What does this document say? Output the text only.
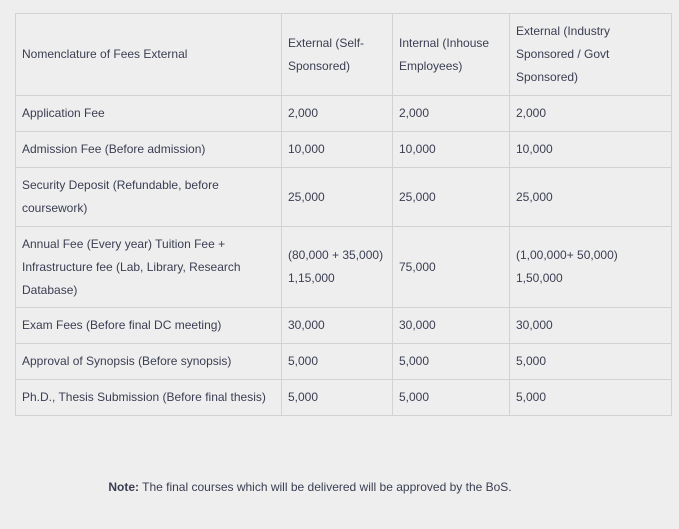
Nomenclature of Fees External	External (Self-Sponsored)	Internal (Inhouse Employees)	External (Industry Sponsored / Govt Sponsored)
Application Fee	2,000	2,000	2,000
Admission Fee (Before admission)	10,000	10,000	10,000
Security Deposit (Refundable, before coursework)	25,000	25,000	25,000
Annual Fee (Every year) Tuition Fee + Infrastructure fee (Lab, Library, Research Database)	(80,000 + 35,000) 1,15,000	75,000	(1,00,000+ 50,000) 1,50,000
Exam Fees (Before final DC meeting)	30,000	30,000	30,000
Approval of Synopsis (Before synopsis)	5,000	5,000	5,000
Ph.D., Thesis Submission (Before final thesis)	5,000	5,000	5,000

Note: The final courses which will be delivered will be approved by the BoS.
